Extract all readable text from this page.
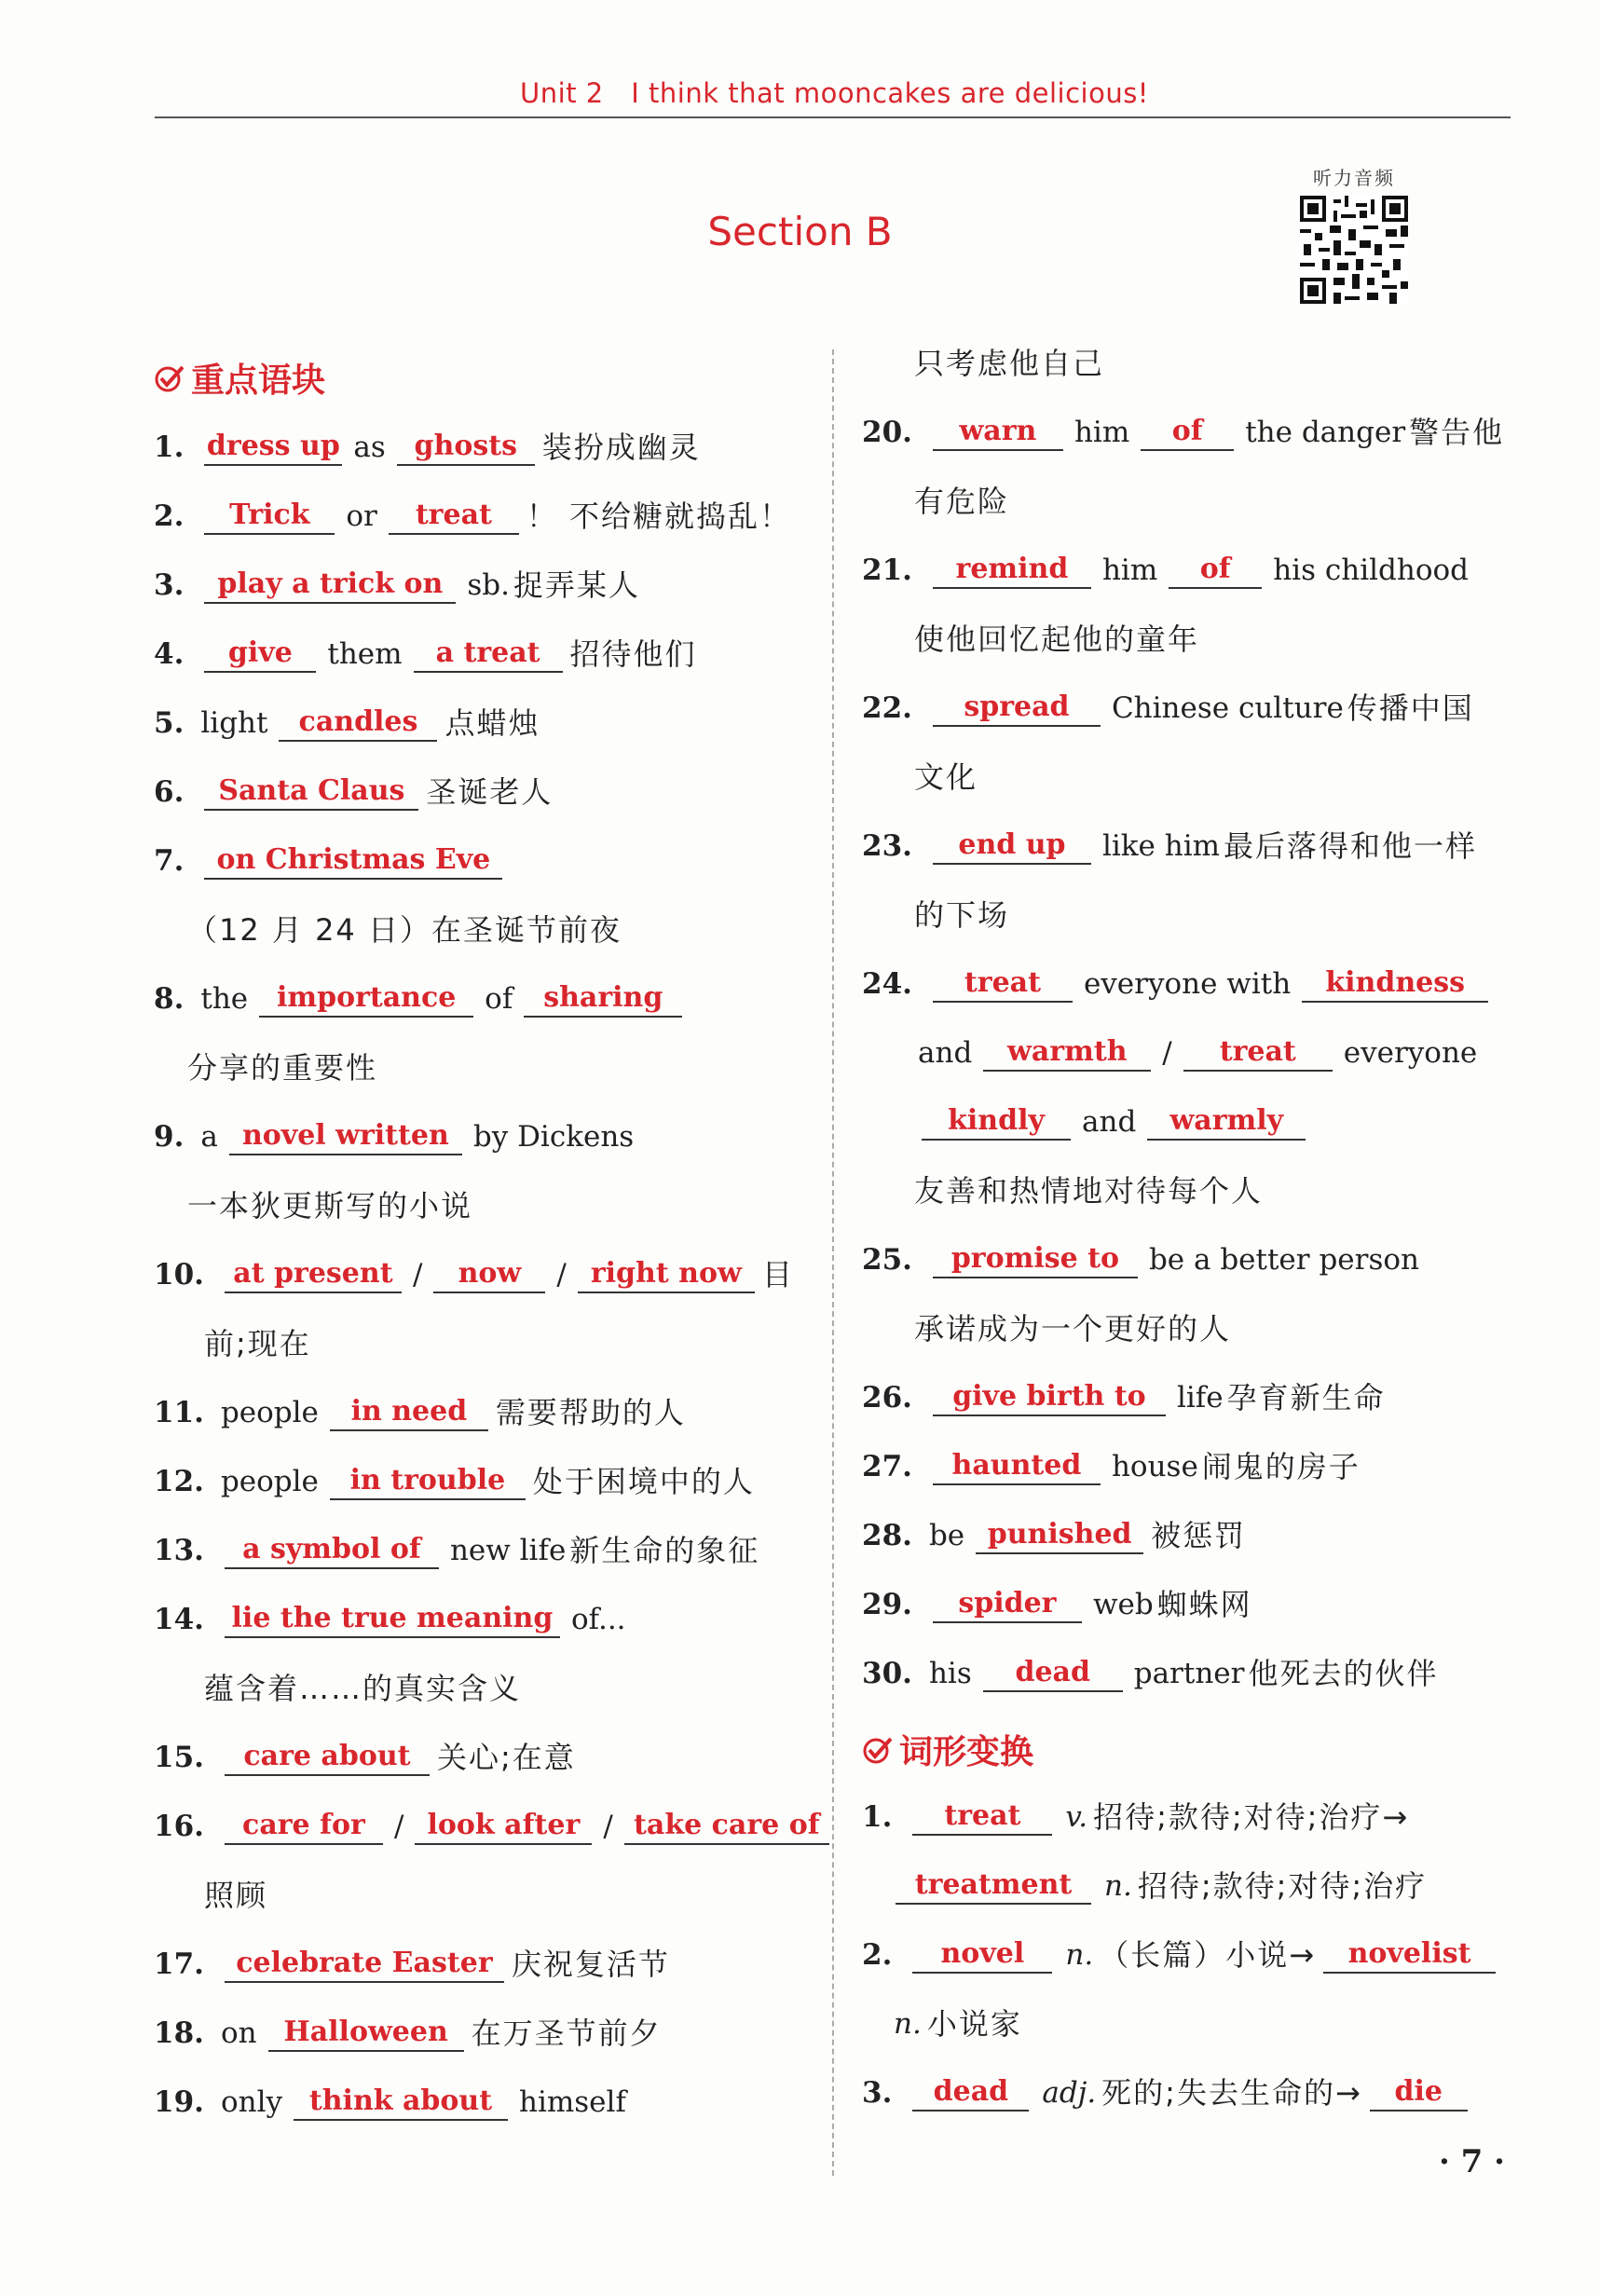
Unit 2　I think that mooncakes are delicious!
Section B
听力音频
重点语块
1. dress up as	ghosts 装扮成幽灵
2.	Trick	or	treat	！ 不给糖就捣乱！
3.	play a trick on sb. 捉弄某人
4.	give	them	a treat	招待他们
5. light	candles 点蜡烛
6.	Santa Claus 圣诞老人
7.	on Christmas Eve
（12 月 24 日）在圣诞节前夜
8. the	importance of	sharing
分享的重要性
9. a novel written by Dickens
一本狄更斯写的小说
10.	at present /	now	/ right now 目
前;现在
11. people	in need 需要帮助的人
12. people	in trouble 处于困境中的人
13.	a symbol of	new life 新生命的象征
14. lie the true meaning of...
蕴含着……的真实含义
15.	care about 关心;在意
16.	care for	/ look after / take care of
照顾
17.	celebrate Easter 庆祝复活节
18. on Halloween 在万圣节前夕
19. only think about himself
只考虑他自己
20.	warn	him	of	the danger 警告他
有危险
21.	remind	him	of	his childhood
使他回忆起他的童年
22.	spread	Chinese culture 传播中国
文化
23.	end up	like him 最后落得和他一样
的下场
24.	treat	everyone with	kindness
and	warmth	/	treat	everyone
kindly	and	warmly
友善和热情地对待每个人
25.	promise to	be a better person
承诺成为一个更好的人
26.	give birth to	life 孕育新生命
27.	haunted	house 闹鬼的房子
28. be punished 被惩罚
29.	spider	web 蜘蛛网
30. his	dead	partner 他死去的伙伴
词形变换
1.	treat	v. 招待;款待;对待;治疗→
treatment	n. 招待;款待;对待;治疗
2.	novel	n. （长篇）小说→	novelist
n. 小说家
3.	dead	adj. 死的;失去生命的→	die
· 7 ·
